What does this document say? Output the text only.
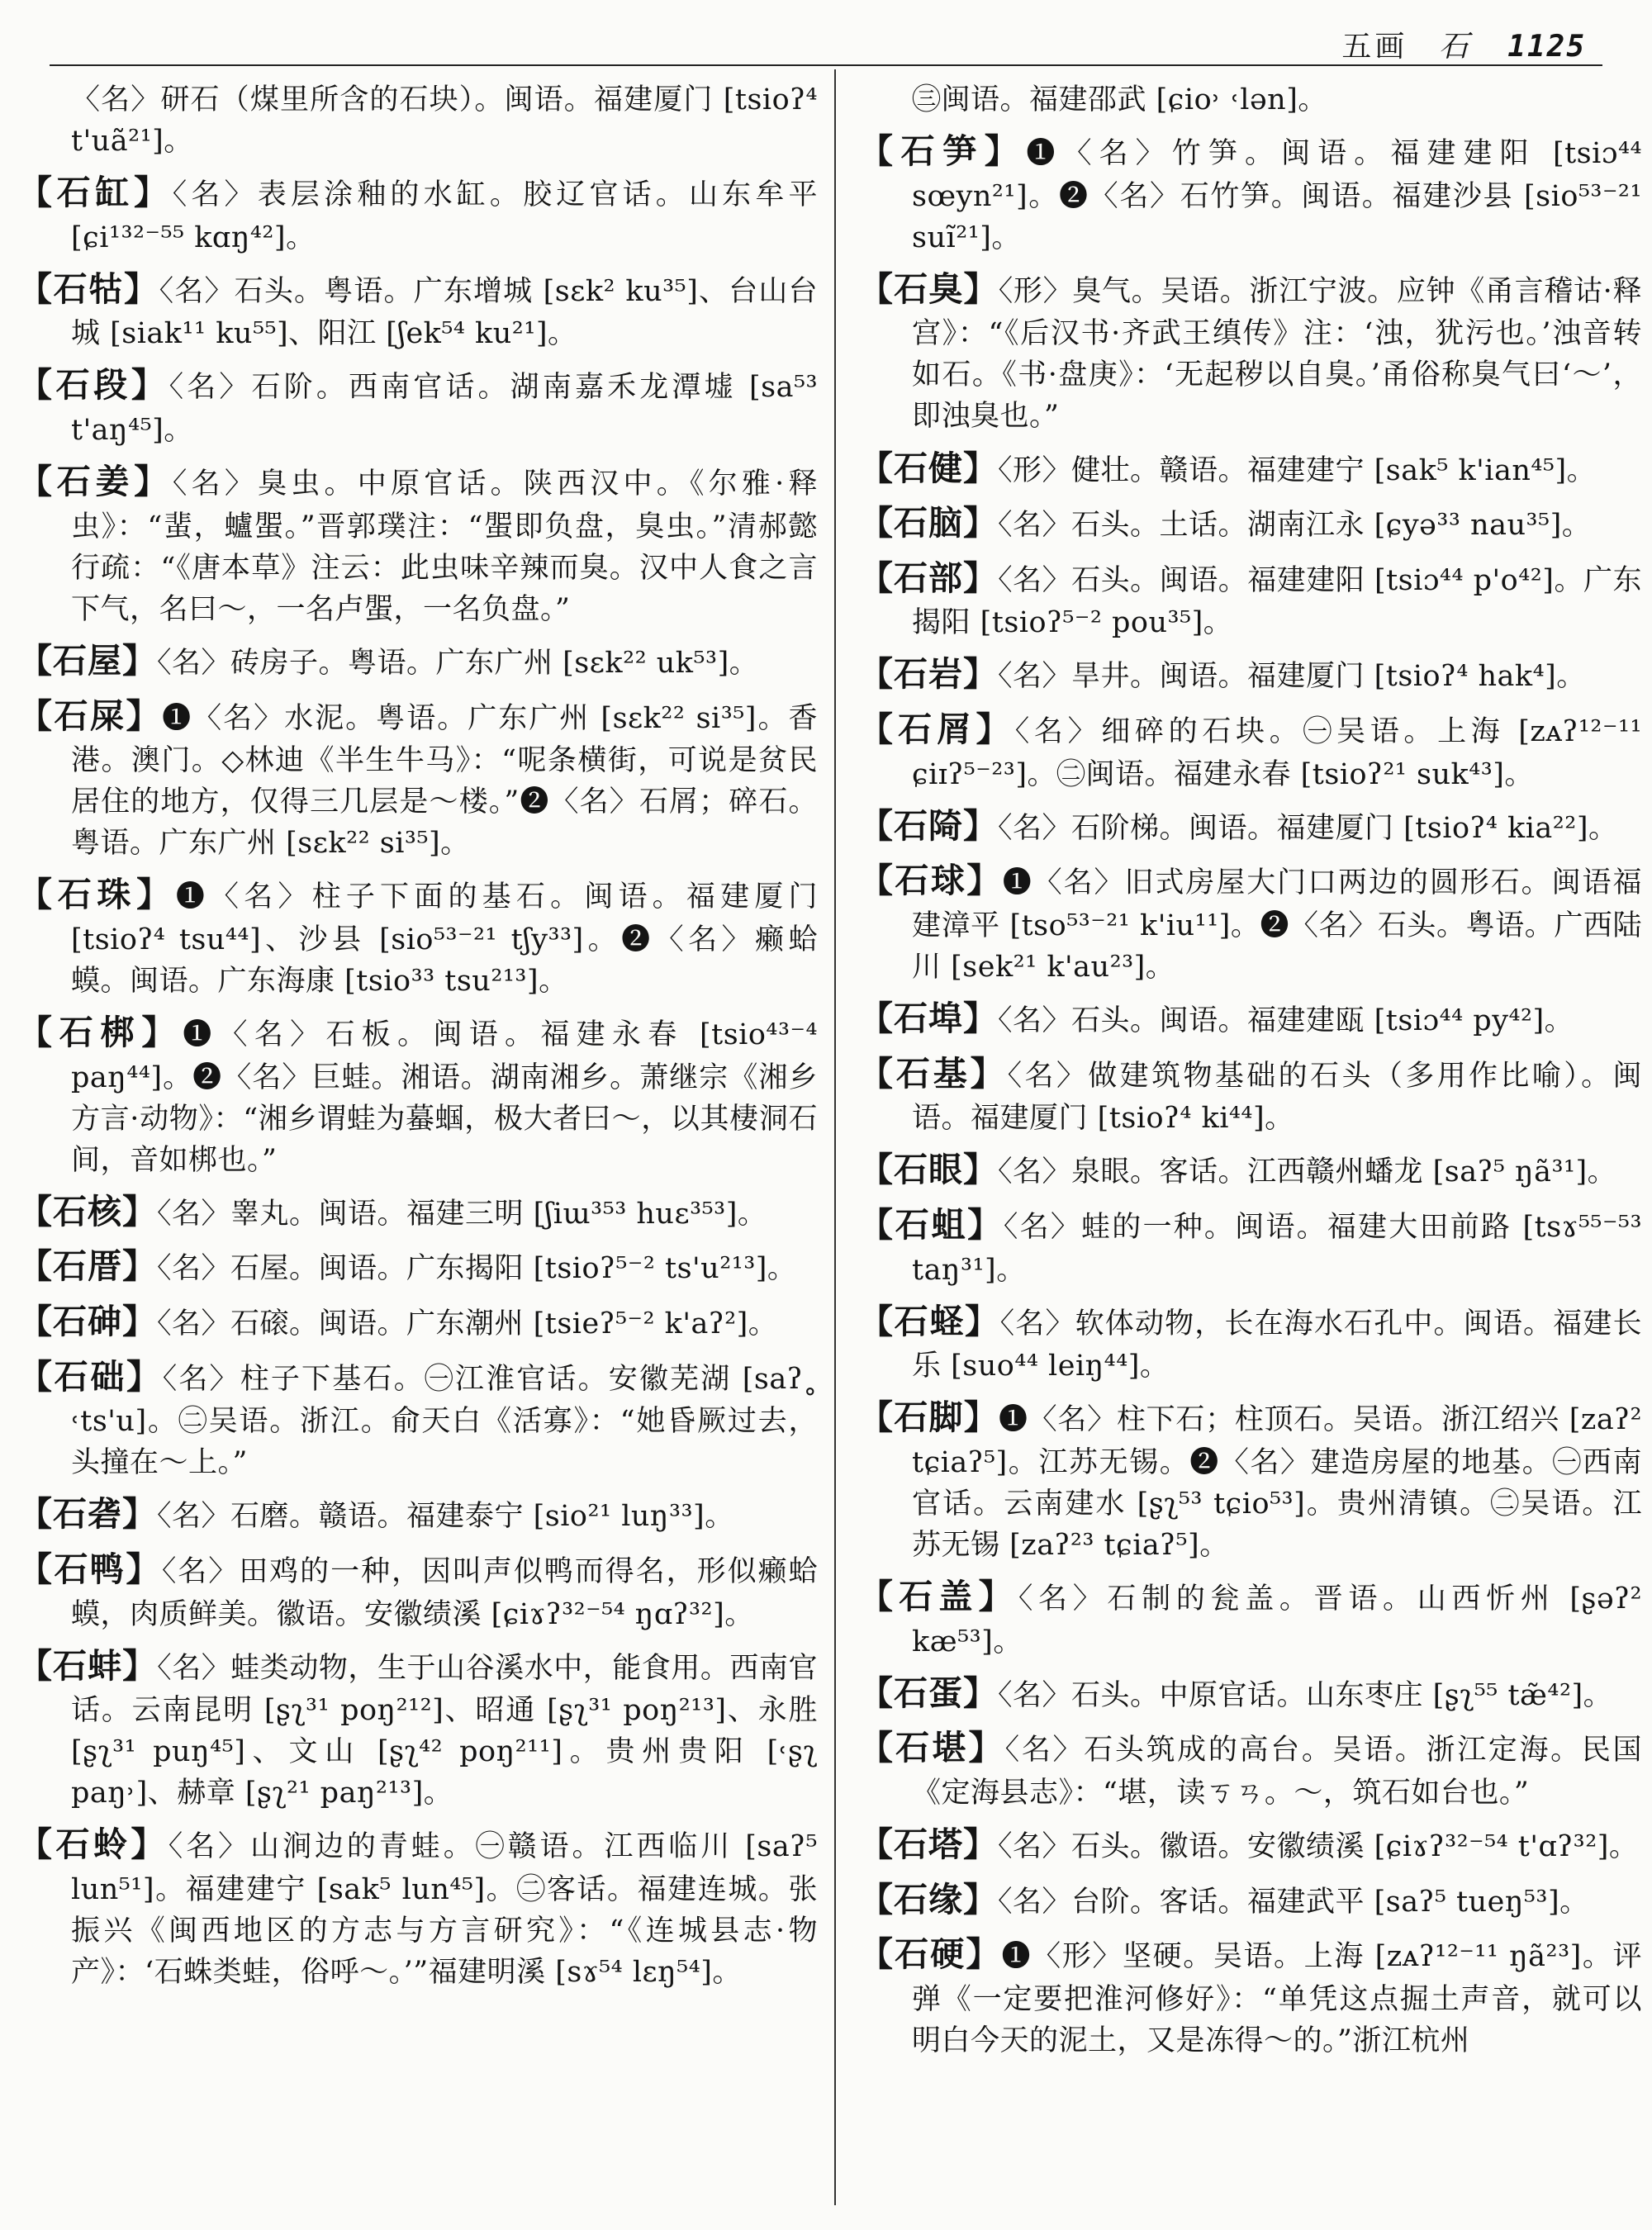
五画 石 1125

〈名〉研石（煤里所含的石块）。闽语。福建厦门 [tsioʔ⁴ t'uã²¹]。

【石缸】〈名〉表层涂釉的水缸。胶辽官话。山东牟平 [ɕi¹³²⁻⁵⁵ kɑŋ⁴²]。

【石牯】〈名〉石头。粤语。广东增城 [sɛk² ku³⁵]、台山台城 [siak¹¹ ku⁵⁵]、阳江 [ʃek⁵⁴ ku²¹]。

【石段】〈名〉石阶。西南官话。湖南嘉禾龙潭墟 [sa⁵³ t'aŋ⁴⁵]。

【石姜】〈名〉臭虫。中原官话。陕西汉中。《尔雅·释虫》：“蜚，蠦蜰。”晋郭璞注：“蜰即负盘，臭虫。”清郝懿行疏：“《唐本草》注云：此虫味辛辣而臭。汉中人食之言下气，名曰～，一名卢蜰，一名负盘。”

【石屋】〈名〉砖房子。粤语。广东广州 [sɛk²² uk⁵³]。

【石屎】❶〈名〉水泥。粤语。广东广州 [sɛk²² si³⁵]。香港。澳门。◇林迪《半生牛马》：“呢条横街，可说是贫民居住的地方，仅得三几层是～楼。”❷〈名〉石屑；碎石。粤语。广东广州 [sɛk²² si³⁵]。

【石珠】❶〈名〉柱子下面的基石。闽语。福建厦门 [tsioʔ⁴ tsu⁴⁴]、沙县 [sio⁵³⁻²¹ tʃy³³]。❷〈名〉癞蛤蟆。闽语。广东海康 [tsio³³ tsu²¹³]。

【石梆】❶〈名〉石板。闽语。福建永春 [tsio⁴³⁻⁴ paŋ⁴⁴]。❷〈名〉巨蛙。湘语。湖南湘乡。萧继宗《湘乡方言·动物》：“湘乡谓蛙为蟇蝈，极大者曰～，以其棲洞石间，音如梆也。”

【石核】〈名〉睾丸。闽语。福建三明 [ʃiɯ³⁵³ huɛ³⁵³]。

【石厝】〈名〉石屋。闽语。广东揭阳 [tsioʔ⁵⁻² ts'u²¹³]。

【石砷】〈名〉石磙。闽语。广东潮州 [tsieʔ⁵⁻² k'aʔ²]。

【石础】〈名〉柱子下基石。㊀江淮官话。安徽芜湖 [saʔ˳ ˓ts'u]。㊁吴语。浙江。俞天白《活寡》：“她昏厥过去，头撞在～上。”

【石砻】〈名〉石磨。赣语。福建泰宁 [sio²¹ luŋ³³]。

【石鸭】〈名〉田鸡的一种，因叫声似鸭而得名，形似癞蛤蟆，肉质鲜美。徽语。安徽绩溪 [ɕiɤʔ³²⁻⁵⁴ ŋɑʔ³²]。

【石蚌】〈名〉蛙类动物，生于山谷溪水中，能食用。西南官话。云南昆明 [ʂʅ³¹ poŋ²¹²]、昭通 [ʂʅ³¹ poŋ²¹³]、永胜 [ʂʅ³¹ puŋ⁴⁵]、文山 [ʂʅ⁴² poŋ²¹¹]。贵州贵阳 [˓ʂʅ paŋ˒]、赫章 [ʂʅ²¹ paŋ²¹³]。

【石蛉】〈名〉山涧边的青蛙。㊀赣语。江西临川 [saʔ⁵ lun⁵¹]。福建建宁 [sak⁵ lun⁴⁵]。㊁客话。福建连城。张振兴《闽西地区的方志与方言研究》：“《连城县志·物产》：‘石蛛类蛙，俗呼～。’”福建明溪 [sɤ⁵⁴ lɛŋ⁵⁴]。

㊂闽语。福建邵武 [ɕio˒ ˓lən]。

【石笋】❶〈名〉竹笋。闽语。福建建阳 [tsiɔ⁴⁴ sœyn²¹]。❷〈名〉石竹笋。闽语。福建沙县 [sio⁵³⁻²¹ suĩ²¹]。

【石臭】〈形〉臭气。吴语。浙江宁波。应钟《甬言稽诂·释宫》：“《后汉书·齐武王缜传》注：‘浊，犹污也。’浊音转如石。《书·盘庚》：‘无起秽以自臭。’甬俗称臭气曰‘～’，即浊臭也。”

【石健】〈形〉健壮。赣语。福建建宁 [sak⁵ k'ian⁴⁵]。

【石脑】〈名〉石头。土话。湖南江永 [ɕyə³³ nau³⁵]。

【石部】〈名〉石头。闽语。福建建阳 [tsiɔ⁴⁴ p'o⁴²]。广东揭阳 [tsioʔ⁵⁻² pou³⁵]。

【石岩】〈名〉旱井。闽语。福建厦门 [tsioʔ⁴ hak⁴]。

【石屑】〈名〉细碎的石块。㊀吴语。上海 [zᴀʔ¹²⁻¹¹ ɕiɪʔ⁵⁻²³]。㊁闽语。福建永春 [tsioʔ²¹ suk⁴³]。

【石陭】〈名〉石阶梯。闽语。福建厦门 [tsioʔ⁴ kia²²]。

【石球】❶〈名〉旧式房屋大门口两边的圆形石。闽语福建漳平 [tso⁵³⁻²¹ k'iu¹¹]。❷〈名〉石头。粤语。广西陆川 [sek²¹ k'au²³]。

【石埠】〈名〉石头。闽语。福建建瓯 [tsiɔ⁴⁴ py⁴²]。

【石基】〈名〉做建筑物基础的石头（多用作比喻）。闽语。福建厦门 [tsioʔ⁴ ki⁴⁴]。

【石眼】〈名〉泉眼。客话。江西赣州蟠龙 [saʔ⁵ ŋã³¹]。

【石蛆】〈名〉蛙的一种。闽语。福建大田前路 [tsɤ⁵⁵⁻⁵³ taŋ³¹]。

【石蛏】〈名〉软体动物，长在海水石孔中。闽语。福建长乐 [suo⁴⁴ leiŋ⁴⁴]。

【石脚】❶〈名〉柱下石；柱顶石。吴语。浙江绍兴 [zaʔ² tɕiaʔ⁵]。江苏无锡。❷〈名〉建造房屋的地基。㊀西南官话。云南建水 [ʂʅ⁵³ tɕio⁵³]。贵州清镇。㊁吴语。江苏无锡 [zaʔ²³ tɕiaʔ⁵]。

【石盖】〈名〉石制的瓮盖。晋语。山西忻州 [ʂəʔ² kæ⁵³]。

【石蛋】〈名〉石头。中原官话。山东枣庄 [ʂʅ⁵⁵ tæ̃⁴²]。

【石堪】〈名〉石头筑成的高台。吴语。浙江定海。民国《定海县志》：“堪，读ㄎㄢ。～，筑石如台也。”

【石塔】〈名〉石头。徽语。安徽绩溪 [ɕiɤʔ³²⁻⁵⁴ t'ɑʔ³²]。

【石缘】〈名〉台阶。客话。福建武平 [saʔ⁵ tueŋ⁵³]。

【石硬】❶〈形〉坚硬。吴语。上海 [zᴀʔ¹²⁻¹¹ ŋã²³]。评弹《一定要把淮河修好》：“单凭这点掘土声音，就可以明白今天的泥土，又是冻得～的。”浙江杭州
